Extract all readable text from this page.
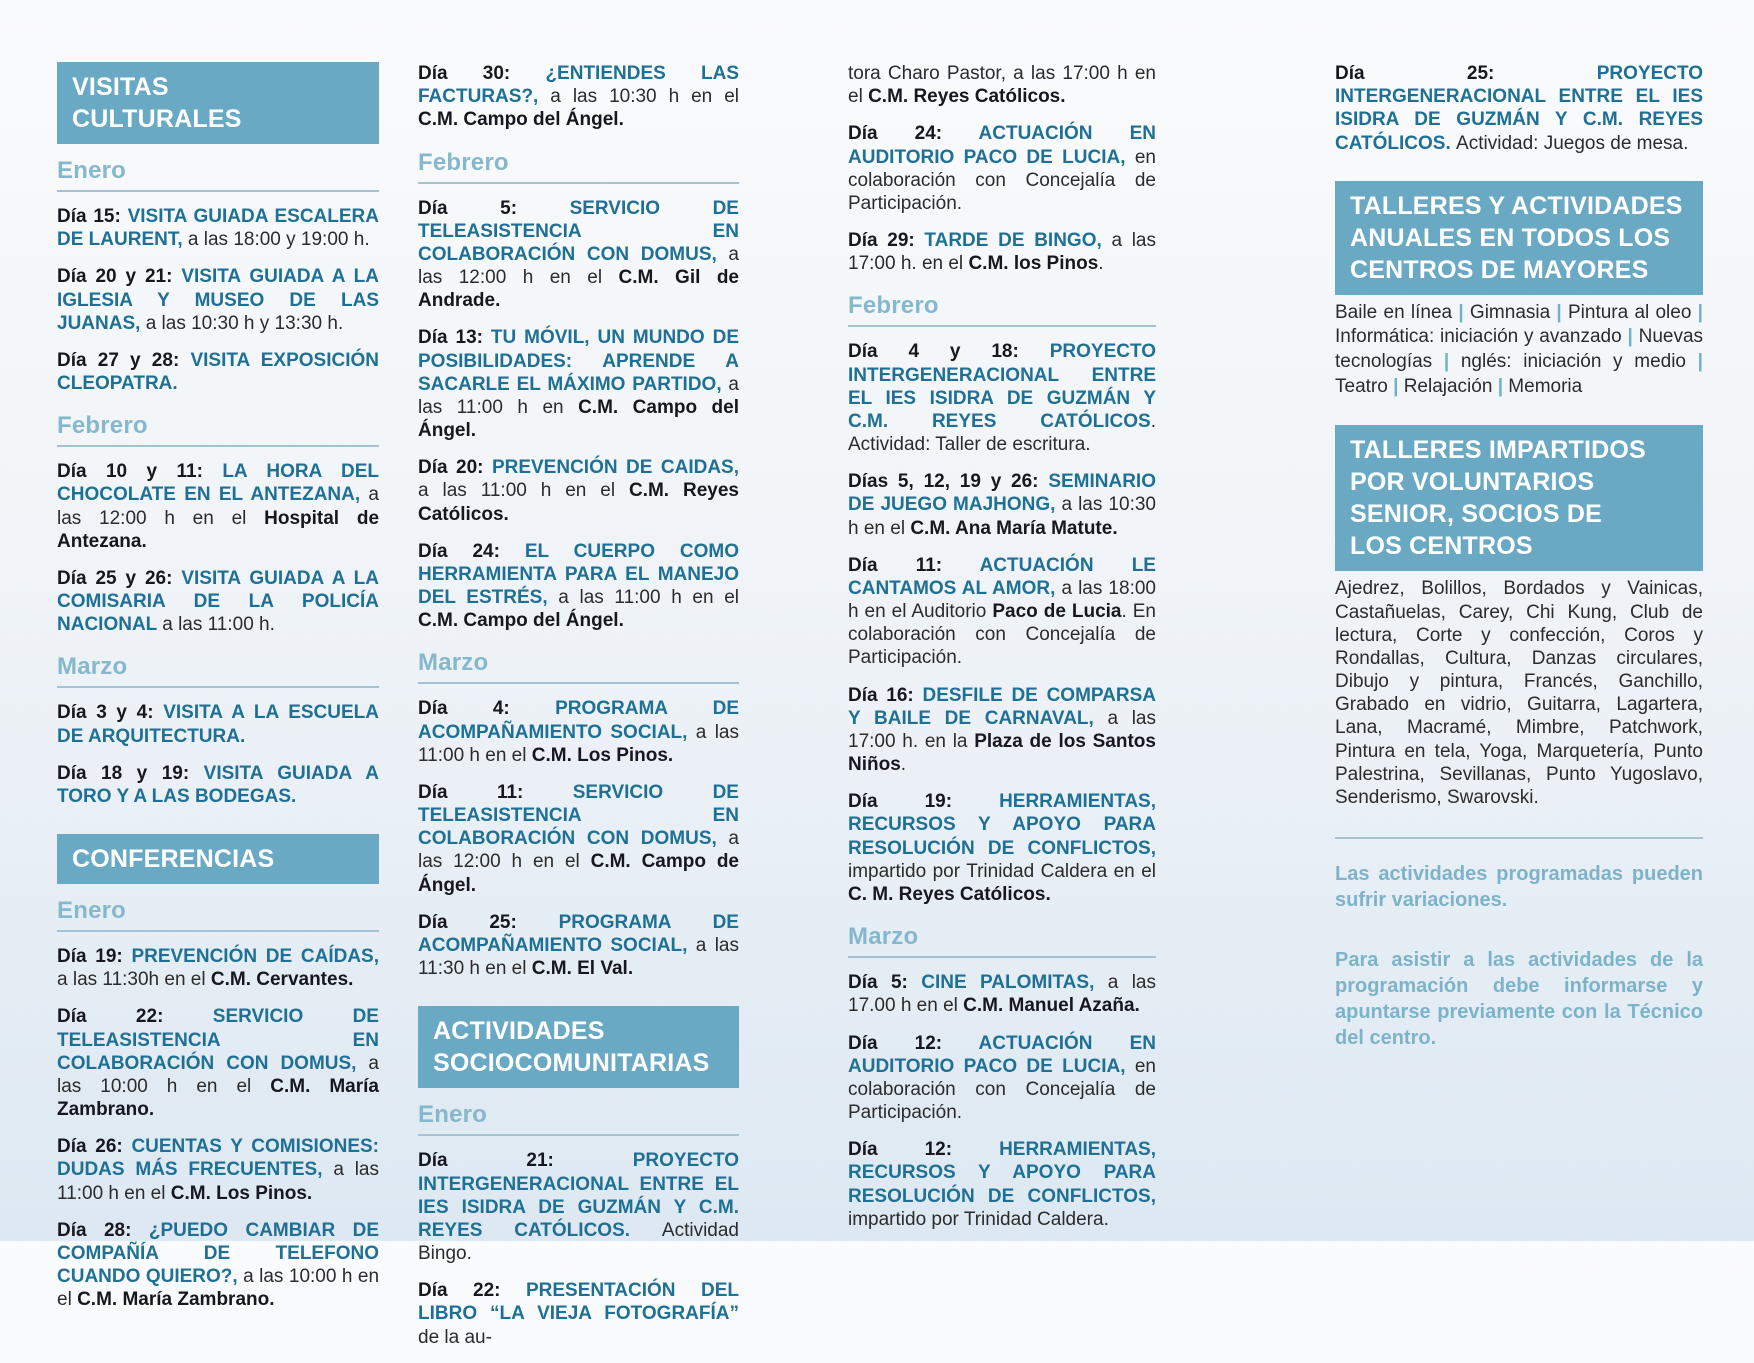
VISITAS
CULTURALES
Enero

Día 15: VISITA GUIADA ESCALERA DE LAURENT, a las 18:00 y 19:00 h.

Día 20 y 21: VISITA GUIADA A LA IGLESIA Y MUSEO DE LAS JUANAS, a las 10:30 h y 13:30 h.

Día 27 y 28: VISITA EXPOSICIÓN CLEOPATRA.

Febrero

Día 10 y 11: LA HORA DEL CHOCOLATE EN EL ANTEZANA, a las 12:00 h en el Hospital de Antezana.

Día 25 y 26: VISITA GUIADA A LA COMISARIA DE LA POLICÍA NACIONAL a las 11:00 h.

Marzo

Día 3 y 4: VISITA A LA ESCUELA DE ARQUITECTURA.

Día 18 y 19: VISITA GUIADA A TORO Y A LAS BODEGAS.

CONFERENCIAS
Enero

Día 19: PREVENCIÓN DE CAÍDAS, a las 11:30h en el C.M. Cervantes.

Día 22: SERVICIO DE TELEASISTENCIA EN COLABORACIÓN CON DOMUS, a las 10:00 h en el C.M. María Zambrano.

Día 26: CUENTAS Y COMISIONES: DUDAS MÁS FRECUENTES, a las 11:00 h en el C.M. Los Pinos.

Día 28: ¿PUEDO CAMBIAR DE COMPAÑÍA DE TELEFONO CUANDO QUIERO?, a las 10:00 h en el C.M. María Zambrano.

Día 30: ¿ENTIENDES LAS FACTURAS?, a las 10:30 h en el C.M. Campo del Ángel.

Febrero

Día 5: SERVICIO DE TELEASISTENCIA EN COLABORACIÓN CON DOMUS, a las 12:00 h en el C.M. Gil de Andrade.

Día 13: TU MÓVIL, UN MUNDO DE POSIBILIDADES: APRENDE A SACARLE EL MÁXIMO PARTIDO, a las 11:00 h en C.M. Campo del Ángel.

Día 20: PREVENCIÓN DE CAIDAS, a las 11:00 h en el C.M. Reyes Católicos.

Día 24: EL CUERPO COMO HERRAMIENTA PARA EL MANEJO DEL ESTRÉS, a las 11:00 h en el C.M. Campo del Ángel.

Marzo

Día 4: PROGRAMA DE ACOMPAÑAMIENTO SOCIAL, a las 11:00 h en el C.M. Los Pinos.

Día 11: SERVICIO DE TELEASISTENCIA EN COLABORACIÓN CON DOMUS, a las 12:00 h en el C.M. Campo de Ángel.

Día 25: PROGRAMA DE ACOMPAÑAMIENTO SOCIAL, a las 11:30 h en el C.M. El Val.

ACTIVIDADES
SOCIOCOMUNITARIAS
Enero

Día 21: PROYECTO INTERGENERACIONAL ENTRE EL IES ISIDRA DE GUZMÁN Y C.M. REYES CATÓLICOS. Actividad Bingo.

Día 22: PRESENTACIÓN DEL LIBRO “LA VIEJA FOTOGRAFÍA” de la au-

tora Charo Pastor, a las 17:00 h en el C.M. Reyes Católicos.

Día 24: ACTUACIÓN EN AUDITORIO PACO DE LUCIA, en colaboración con Concejalía de Participación.

Día 29: TARDE DE BINGO, a las 17:00 h. en el C.M. los Pinos.

Febrero

Día 4 y 18: PROYECTO INTERGENERACIONAL ENTRE EL IES ISIDRA DE GUZMÁN Y C.M. REYES CATÓLICOS. Actividad: Taller de escritura.

Días 5, 12, 19 y 26: SEMINARIO DE JUEGO MAJHONG, a las 10:30 h en el C.M. Ana María Matute.

Día 11: ACTUACIÓN LE CANTAMOS AL AMOR, a las 18:00 h en el Auditorio Paco de Lucia. En colaboración con Concejalía de Participación.

Día 16: DESFILE DE COMPARSA Y BAILE DE CARNAVAL, a las 17:00 h. en la Plaza de los Santos Niños.

Día 19: HERRAMIENTAS, RECURSOS Y APOYO PARA RESOLUCIÓN DE CONFLICTOS, impartido por Trinidad Caldera en el C. M. Reyes Católicos.

Marzo

Día 5: CINE PALOMITAS, a las 17.00 h en el C.M. Manuel Azaña.

Día 12: ACTUACIÓN EN AUDITORIO PACO DE LUCIA, en colaboración con Concejalía de Participación.

Día 12: HERRAMIENTAS, RECURSOS Y APOYO PARA RESOLUCIÓN DE CONFLICTOS, impartido por Trinidad Caldera.

Día 25: PROYECTO INTERGENERACIONAL ENTRE EL IES ISIDRA DE GUZMÁN Y C.M. REYES CATÓLICOS. Actividad: Juegos de mesa.

TALLERES Y ACTIVIDADES
ANUALES EN TODOS LOS
CENTROS DE MAYORES

Baile en línea | Gimnasia | Pintura al oleo | Informática: iniciación y avanzado | Nuevas tecnologías | nglés: iniciación y medio | Teatro | Relajación | Memoria

TALLERES IMPARTIDOS
POR VOLUNTARIOS
SENIOR, SOCIOS DE
LOS CENTROS

Ajedrez, Bolillos, Bordados y Vainicas, Castañuelas, Carey, Chi Kung, Club de lectura, Corte y confección, Coros y Rondallas, Cultura, Danzas circulares, Dibujo y pintura, Francés, Ganchillo, Grabado en vidrio, Guitarra, Lagartera, Lana, Macramé, Mimbre, Patchwork, Pintura en tela, Yoga, Marquetería, Punto Palestrina, Sevillanas, Punto Yugoslavo, Senderismo, Swarovski.

Las actividades programadas pueden sufrir variaciones.

Para asistir a las actividades de la programación debe informarse y apuntarse previamente con la Técnico del centro.
